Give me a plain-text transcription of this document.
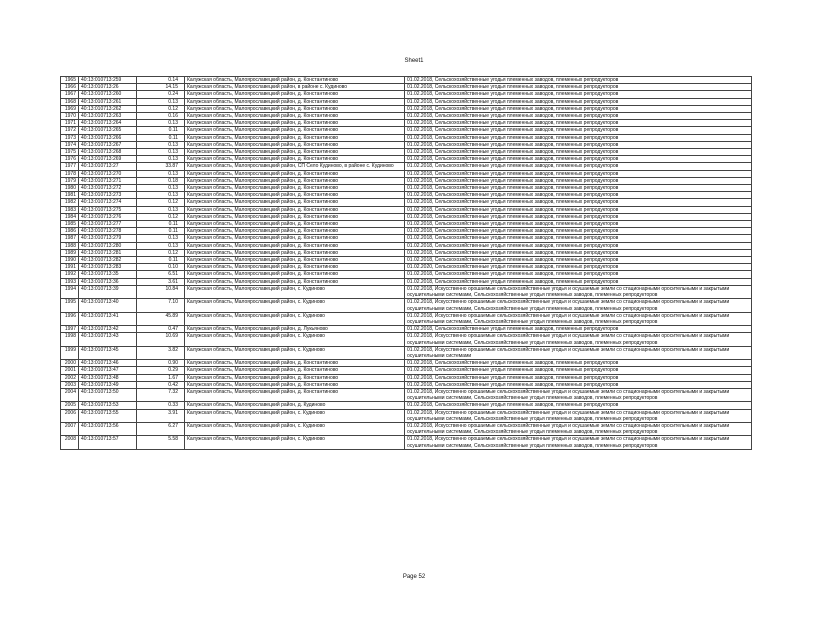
Sheet1
1965	40:13:010713:259	0.14	Калужская область, Малоярославецкий район, д. Константиново	01.02.2018, Сельскохозяйственные угодья племенных заводов, племенных репродукторов
1966	40:13:010713:26	14.15	Калужская область, Малоярославецкий район, в районе с. Кудиново	01.02.2018, Сельскохозяйственные угодья племенных заводов, племенных репродукторов
1967	40:13:010713:260	0.24	Калужская область, Малоярославецкий район, д. Константиново	01.02.2018, Сельскохозяйственные угодья племенных заводов, племенных репродукторов
1968	40:13:010713:261	0.13	Калужская область, Малоярославецкий район, д. Константиново	01.02.2018, Сельскохозяйственные угодья племенных заводов, племенных репродукторов
1969	40:13:010713:262	0.12	Калужская область, Малоярославецкий район, д. Константиново	01.02.2018, Сельскохозяйственные угодья племенных заводов, племенных репродукторов
1970	40:13:010713:263	0.16	Калужская область, Малоярославецкий район, д. Константиново	01.02.2018, Сельскохозяйственные угодья племенных заводов, племенных репродукторов
1971	40:13:010713:264	0.13	Калужская область, Малоярославецкий район, д. Константиново	01.02.2018, Сельскохозяйственные угодья племенных заводов, племенных репродукторов
1972	40:13:010713:265	0.11	Калужская область, Малоярославецкий район, д. Константиново	01.02.2018, Сельскохозяйственные угодья племенных заводов, племенных репродукторов
1973	40:13:010713:266	0.11	Калужская область, Малоярославецкий район, д. Константиново	01.02.2018, Сельскохозяйственные угодья племенных заводов, племенных репродукторов
1974	40:13:010713:267	0.13	Калужская область, Малоярославецкий район, д. Константиново	01.02.2018, Сельскохозяйственные угодья племенных заводов, племенных репродукторов
1975	40:13:010713:268	0.13	Калужская область, Малоярославецкий район, д. Константиново	01.02.2018, Сельскохозяйственные угодья племенных заводов, племенных репродукторов
1976	40:13:010713:269	0.13	Калужская область, Малоярославецкий район, д. Константиново	01.02.2018, Сельскохозяйственные угодья племенных заводов, племенных репродукторов
1977	40:13:010713:27	33.87	Калужская область, Малоярославецкий район, СП Село Кудиново, в районе с. Кудиново	01.02.2018, Сельскохозяйственные угодья племенных заводов, племенных репродукторов
1978	40:13:010713:270	0.13	Калужская область, Малоярославецкий район, д. Константиново	01.02.2018, Сельскохозяйственные угодья племенных заводов, племенных репродукторов
1979	40:13:010713:271	0.18	Калужская область, Малоярославецкий район, д. Константиново	01.02.2018, Сельскохозяйственные угодья племенных заводов, племенных репродукторов
1980	40:13:010713:272	0.13	Калужская область, Малоярославецкий район, д. Константиново	01.02.2018, Сельскохозяйственные угодья племенных заводов, племенных репродукторов
1981	40:13:010713:273	0.13	Калужская область, Малоярославецкий район, д. Константиново	01.02.2018, Сельскохозяйственные угодья племенных заводов, племенных репродукторов
1982	40:13:010713:274	0.12	Калужская область, Малоярославецкий район, д. Константиново	01.02.2018, Сельскохозяйственные угодья племенных заводов, племенных репродукторов
1983	40:13:010713:275	0.13	Калужская область, Малоярославецкий район, д. Константиново	01.02.2018, Сельскохозяйственные угодья племенных заводов, племенных репродукторов
1984	40:13:010713:276	0.12	Калужская область, Малоярославецкий район, д. Константиново	01.02.2018, Сельскохозяйственные угодья племенных заводов, племенных репродукторов
1985	40:13:010713:277	0.11	Калужская область, Малоярославецкий район, д. Константиново	01.02.2018, Сельскохозяйственные угодья племенных заводов, племенных репродукторов
1986	40:13:010713:278	0.11	Калужская область, Малоярославецкий район, д. Константиново	01.02.2018, Сельскохозяйственные угодья племенных заводов, племенных репродукторов
1987	40:13:010713:279	0.13	Калужская область, Малоярославецкий район, д. Константиново	01.02.2018, Сельскохозяйственные угодья племенных заводов, племенных репродукторов
1988	40:13:010713:280	0.13	Калужская область, Малоярославецкий район, д. Константиново	01.02.2018, Сельскохозяйственные угодья племенных заводов, племенных репродукторов
1989	40:13:010713:281	0.12	Калужская область, Малоярославецкий район, д. Константиново	01.02.2018, Сельскохозяйственные угодья племенных заводов, племенных репродукторов
1990	40:13:010713:282	0.11	Калужская область, Малоярославецкий район, д. Константиново	01.02.2018, Сельскохозяйственные угодья племенных заводов, племенных репродукторов
1991	40:13:010713:283	0.10	Калужская область, Малоярославецкий район, д. Константиново	01.02.2020, Сельскохозяйственные угодья племенных заводов, племенных репродукторов
1992	40:13:010713:35	6.51	Калужская область, Малоярославецкий район, д. Константиново	01.02.2018, Сельскохозяйственные угодья племенных заводов, племенных репродукторов
1993	40:13:010713:36	3.61	Калужская область, Малоярославецкий район, д. Константиново	01.02.2018, Сельскохозяйственные угодья племенных заводов, племенных репродукторов
1994	40:13:010713:39	10.84	Калужская область, Малоярославецкий район, с. Кудиново	01.02.2018, Искусственно орошаемые сельскохозяйственные угодья и осушаемые земли со стационарными оросительными и закрытыми осушительными системами, Сельскохозяйственные угодья племенных заводов, племенных репродукторов
1995	40:13:010713:40	7.10	Калужская область, Малоярославецкий район, с. Кудиново	01.02.2018, Искусственно орошаемые сельскохозяйственные угодья и осушаемые земли со стационарными оросительными и закрытыми осушительными системами, Сельскохозяйственные угодья племенных заводов, племенных репродукторов
1996	40:13:010713:41	45.89	Калужская область, Малоярославецкий район, с. Кудиново	01.02.2018, Искусственно орошаемые сельскохозяйственные угодья и осушаемые земли со стационарными оросительными и закрытыми осушительными системами, Сельскохозяйственные угодья племенных заводов, племенных репродукторов
1997	40:13:010713:42	0.47	Калужская область, Малоярославецкий район, д. Лукьяново	01.02.2018, Сельскохозяйственные угодья племенных заводов, племенных репродукторов
1998	40:13:010713:43	10.69	Калужская область, Малоярославецкий район, с. Кудиново	01.02.2018, Искусственно орошаемые сельскохозяйственные угодья и осушаемые земли со стационарными оросительными и закрытыми осушительными системами, Сельскохозяйственные угодья племенных заводов, племенных репродукторов
1999	40:13:010713:45	3.82	Калужская область, Малоярославецкий район, с. Кудиново	01.02.2018, Искусственно орошаемые сельскохозяйственные угодья и осушаемые земли со стационарными оросительными и закрытыми осушительными системами
2000	40:13:010713:46	0.90	Калужская область, Малоярославецкий район, д. Константиново	01.02.2018, Сельскохозяйственные угодья племенных заводов, племенных репродукторов
2001	40:13:010713:47	0.29	Калужская область, Малоярославецкий район, д. Константиново	01.02.2018, Сельскохозяйственные угодья племенных заводов, племенных репродукторов
2002	40:13:010713:48	1.67	Калужская область, Малоярославецкий район, д. Константиново	01.02.2018, Сельскохозяйственные угодья племенных заводов, племенных репродукторов
2003	40:13:010713:49	0.42	Калужская область, Малоярославецкий район, д. Константиново	01.02.2018, Сельскохозяйственные угодья племенных заводов, племенных репродукторов
2004	40:13:010713:50	7.32	Калужская область, Малоярославецкий район, д. Константиново	01.02.2018, Искусственно орошаемые сельскохозяйственные угодья и осушаемые земли со стационарными оросительными и закрытыми осушительными системами, Сельскохозяйственные угодья племенных заводов, племенных репродукторов
2005	40:13:010713:53	0.33	Калужская область, Малоярославецкий район, д. Кудиново	01.02.2018, Сельскохозяйственные угодья племенных заводов, племенных репродукторов
2006	40:13:010713:55	3.91	Калужская область, Малоярославецкий район, с. Кудиново	01.02.2018, Искусственно орошаемые сельскохозяйственные угодья и осушаемые земли со стационарными оросительными и закрытыми осушительными системами, Сельскохозяйственные угодья племенных заводов, племенных репродукторов
2007	40:13:010713:56	6.27	Калужская область, Малоярославецкий район, с. Кудиново	01.02.2018, Искусственно орошаемые сельскохозяйственные угодья и осушаемые земли со стационарными оросительными и закрытыми осушительными системами, Сельскохозяйственные угодья племенных заводов, племенных репродукторов
2008	40:13:010713:57	5.58	Калужская область, Малоярославецкий район, с. Кудиново	01.02.2018, Искусственно орошаемые сельскохозяйственные угодья и осушаемые земли со стационарными оросительными и закрытыми осушительными системами, Сельскохозяйственные угодья племенных заводов, племенных репродукторов
Page 52
